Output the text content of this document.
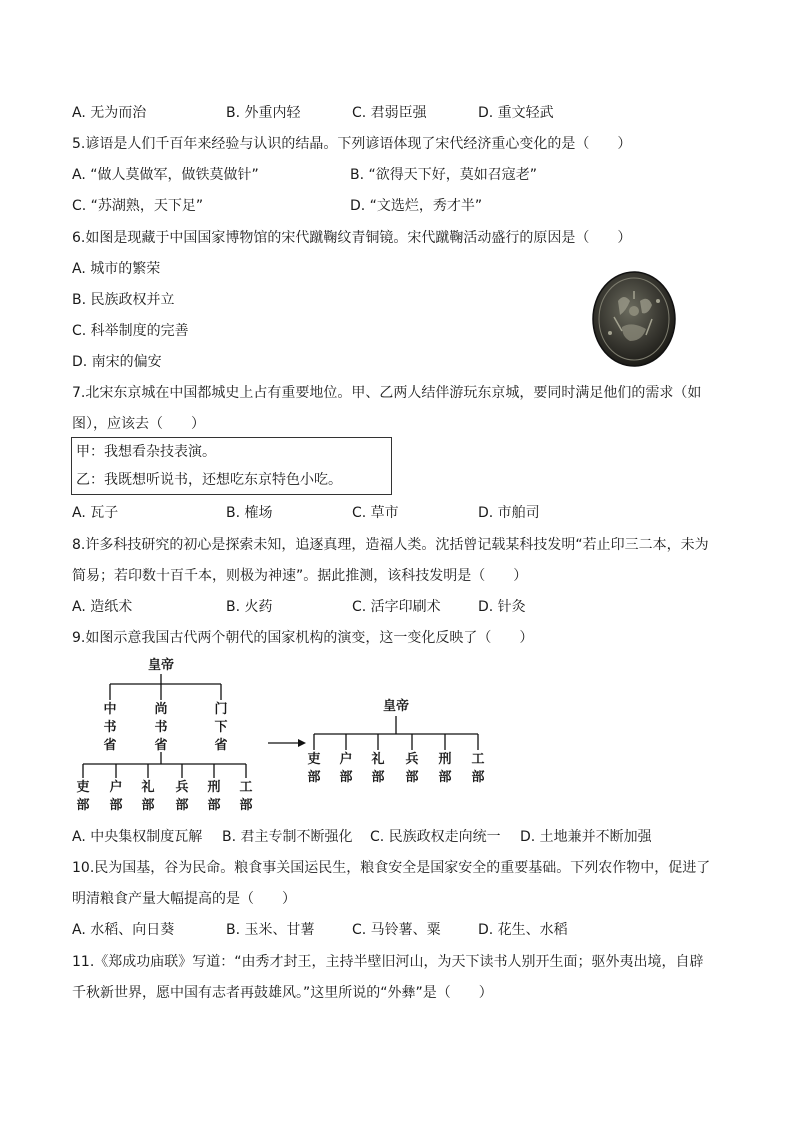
A. 无为而治	B. 外重内轻	C. 君弱臣强	D. 重文轻武
5.谚语是人们千百年来经验与认识的结晶。下列谚语体现了宋代经济重心变化的是（　　）
A. “做人莫做军，做铁莫做针”	B. “欲得天下好，莫如召寇老”
C. “苏湖熟，天下足”	D. “文选烂，秀才半”
6.如图是现藏于中国国家博物馆的宋代蹴鞠纹青铜镜。宋代蹴鞠活动盛行的原因是（　　）
A. 城市的繁荣
B. 民族政权并立
C. 科举制度的完善
D. 南宋的偏安
7.北宋东京城在中国都城史上占有重要地位。甲、乙两人结伴游玩东京城，要同时满足他们的需求（如
图），应该去（　　）
甲：我想看杂技表演。
乙：我既想听说书，还想吃东京特色小吃。
A. 瓦子	B. 榷场	C. 草市	D. 市舶司
8.许多科技研究的初心是探索未知，追逐真理，造福人类。沈括曾记载某科技发明“若止印三二本，未为
简易；若印数十百千本，则极为神速”。据此推测，该科技发明是（　　）
A. 造纸术	B. 火药	C. 活字印刷术	D. 针灸
9.如图示意我国古代两个朝代的国家机构的演变，这一变化反映了（　　）
皇帝
中书省
尚书省
门下省
吏部
户部
礼部
兵部
刑部
工部
皇帝
吏部
户部
礼部
兵部
刑部
工部
A. 中央集权制度瓦解 B. 君主专制不断强化 C. 民族政权走向统一 D. 土地兼并不断加强
10.民为国基，谷为民命。粮食事关国运民生，粮食安全是国家安全的重要基础。下列农作物中，促进了
明清粮食产量大幅提高的是（　　）
A. 水稻、向日葵	B. 玉米、甘薯	C. 马铃薯、粟	D. 花生、水稻
11.《郑成功庙联》写道：“由秀才封王，主持半壁旧河山，为天下读书人别开生面；驱外夷出境，自辟
千秋新世界，愿中国有志者再鼓雄风。”这里所说的“外彝”是（　　）
